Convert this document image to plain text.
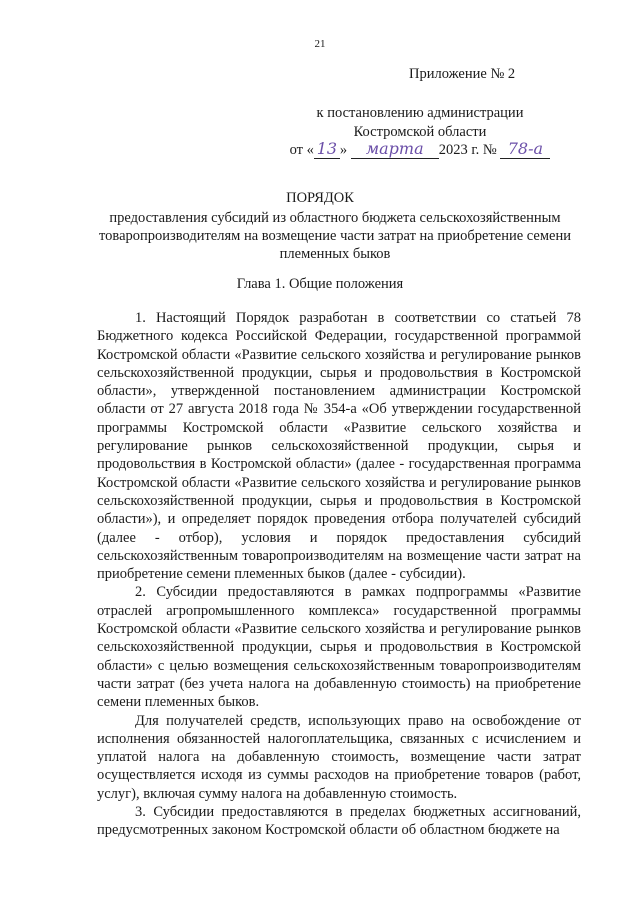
21
Приложение № 2
к постановлению администрации
Костромской области
от « 13 » марта 2023 г. № 78-а
ПОРЯДОК
предоставления субсидий из областного бюджета сельскохозяйственным товаропроизводителям на возмещение части затрат на приобретение семени племенных быков
Глава 1. Общие положения

1. Настоящий Порядок разработан в соответствии со статьей 78 Бюджетного кодекса Российской Федерации, государственной программой Костромской области «Развитие сельского хозяйства и регулирование рынков сельскохозяйственной продукции, сырья и продовольствия в Костромской области», утвержденной постановлением администрации Костромской области от 27 августа 2018 года № 354-а «Об утверждении государственной программы Костромской области «Развитие сельского хозяйства и регулирование рынков сельскохозяйственной продукции, сырья и продовольствия в Костромской области» (далее - государственная программа Костромской области «Развитие сельского хозяйства и регулирование рынков сельскохозяйственной продукции, сырья и продовольствия в Костромской области»), и определяет порядок проведения отбора получателей субсидий (далее - отбор), условия и порядок предоставления субсидий сельскохозяйственным товаропроизводителям на возмещение части затрат на приобретение семени племенных быков (далее - субсидии).

2. Субсидии предоставляются в рамках подпрограммы «Развитие отраслей агропромышленного комплекса» государственной программы Костромской области «Развитие сельского хозяйства и регулирование рынков сельскохозяйственной продукции, сырья и продовольствия в Костромской области» с целью возмещения сельскохозяйственным товаропроизводителям части затрат (без учета налога на добавленную стоимость) на приобретение семени племенных быков.

Для получателей средств, использующих право на освобождение от исполнения обязанностей налогоплательщика, связанных с исчислением и уплатой налога на добавленную стоимость, возмещение части затрат осуществляется исходя из суммы расходов на приобретение товаров (работ, услуг), включая сумму налога на добавленную стоимость.

3. Субсидии предоставляются в пределах бюджетных ассигнований, предусмотренных законом Костромской области об областном бюджете на
